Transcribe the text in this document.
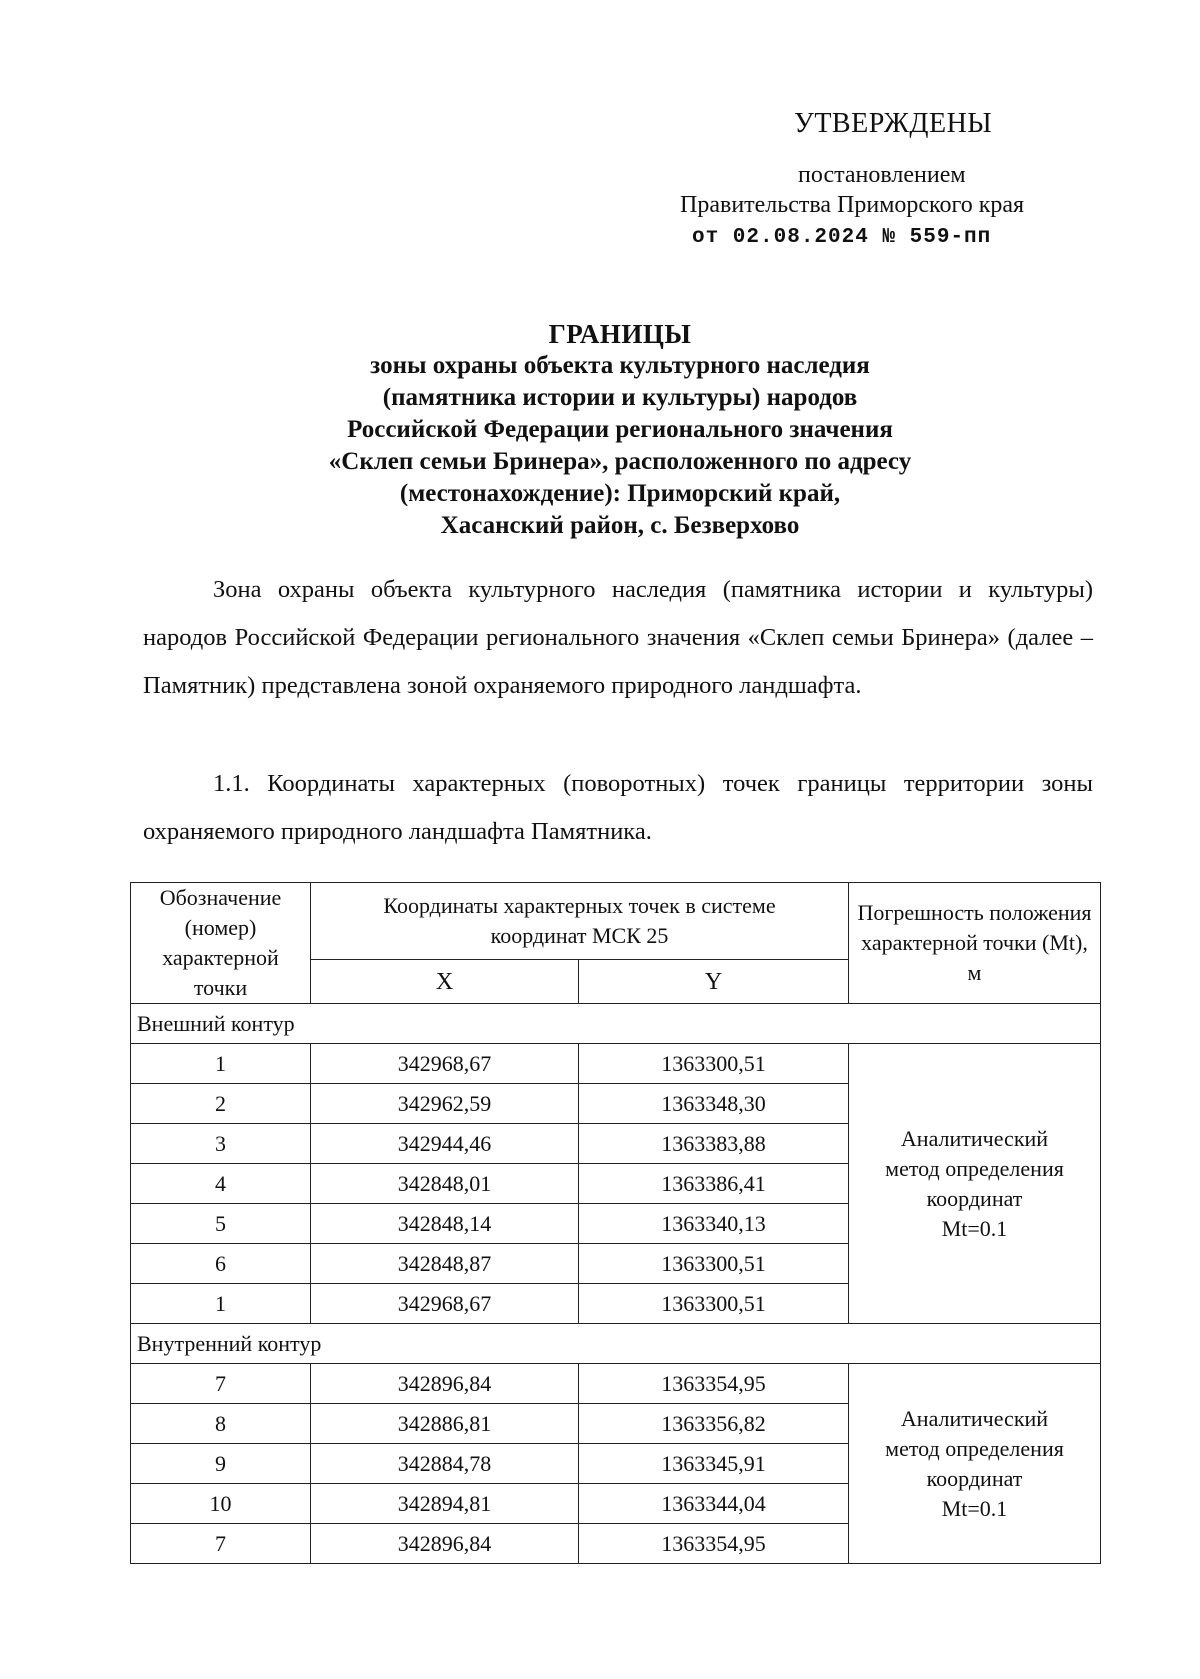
УТВЕРЖДЕНЫ
постановлением
Правительства Приморского края
от 02.08.2024 № 559-пп
ГРАНИЦЫ
зоны охраны объекта культурного наследия
(памятника истории и культуры) народов
Российской Федерации регионального значения
«Склеп семьи Бринера», расположенного по адресу
(местонахождение): Приморский край,
Хасанский район, с. Безверхово
Зона охраны объекта культурного наследия (памятника истории и культуры) народов Российской Федерации регионального значения «Склеп семьи Бринера» (далее – Памятник) представлена зоной охраняемого природного ландшафта.
1.1. Координаты характерных (поворотных) точек границы территории зоны охраняемого природного ландшафта Памятника.
Обозначение (номер) характерной точки	Координаты характерных точек в системе координат МСК 25		Погрешность положения характерной точки (Mt), м
	X	Y	
Внешний контур			
1	342968,67	1363300,51	Аналитический
метод определения
координат
Mt=0.1

2	342962,59	1363348,30	
3	342944,46	1363383,88	
4	342848,01	1363386,41	
5	342848,14	1363340,13	
6	342848,87	1363300,51	
1	342968,67	1363300,51	
Внутренний контур			
7	342896,84	1363354,95	Аналитический
метод определения
координат
Mt=0.1

8	342886,81	1363356,82	
9	342884,78	1363345,91	
10	342894,81	1363344,04	
7	342896,84	1363354,95	
